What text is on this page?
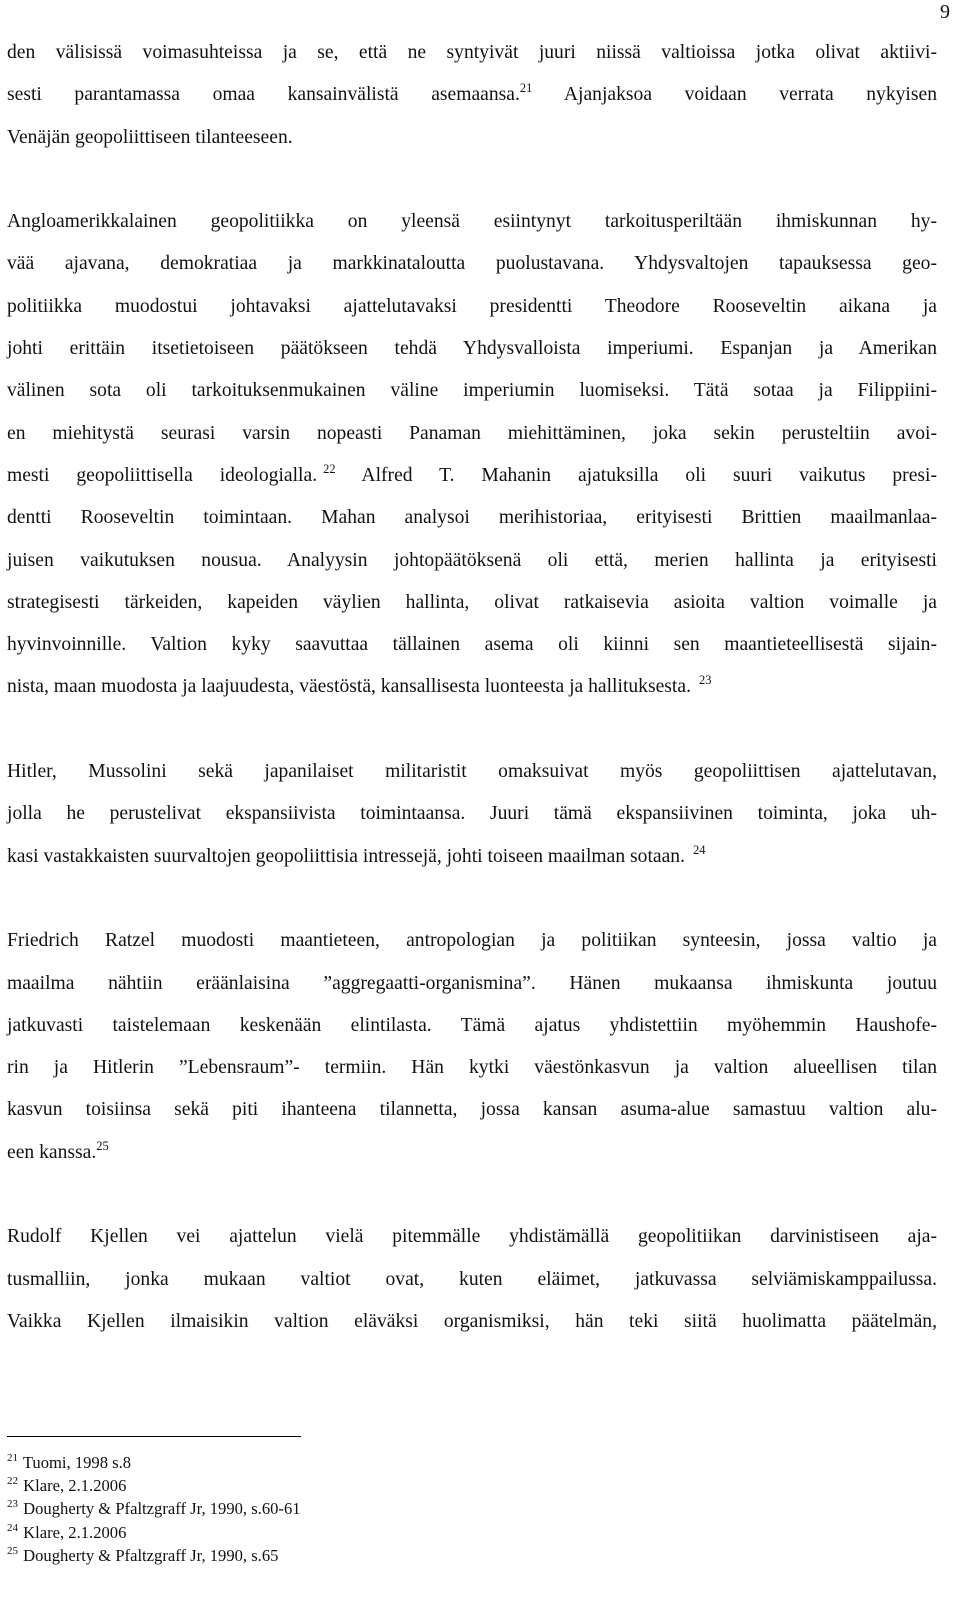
9

den välisissä voimasuhteissa ja se, että ne syntyivät juuri niissä valtioissa jotka olivat aktiivi-
sesti parantamassa omaa kansainvälistä asemaansa.$^{21}$ Ajanjaksoa voidaan verrata nykyisen
Venäjän geopoliittiseen tilanteeseen.

Angloamerikkalainen geopolitiikka on yleensä esiintynyt tarkoitusperiltään ihmiskunnan hy-
vää ajavana, demokratiaa ja markkinataloutta puolustavana. Yhdysvaltojen tapauksessa geo-
politiikka muodostui johtavaksi ajattelutavaksi presidentti Theodore Rooseveltin aikana ja
johti erittäin itsetietoiseen päätökseen tehdä Yhdysvalloista imperiumi. Espanjan ja Amerikan
välinen sota oli tarkoituksenmukainen väline imperiumin luomiseksi. Tätä sotaa ja Filippiini-
en miehitystä seurasi varsin nopeasti Panaman miehittäminen, joka sekin perusteltiin avoi-
mesti geopoliittisella ideologialla. $^{22}$ Alfred T. Mahanin ajatuksilla oli suuri vaikutus presi-
dentti Rooseveltin toimintaan. Mahan analysoi merihistoriaa, erityisesti Brittien maailmanlaa-
juisen vaikutuksen nousua. Analyysin johtopäätöksenä oli että, merien hallinta ja erityisesti
strategisesti tärkeiden, kapeiden väylien hallinta, olivat ratkaisevia asioita valtion voimalle ja
hyvinvoinnille. Valtion kyky saavuttaa tällainen asema oli kiinni sen maantieteellisestä sijain-
nista, maan muodosta ja laajuudesta, väestöstä, kansallisesta luonteesta ja hallituksesta. $^{23}$

Hitler, Mussolini sekä japanilaiset militaristit omaksuivat myös geopoliittisen ajattelutavan,
jolla he perustelivat ekspansiivista toimintaansa. Juuri tämä ekspansiivinen toiminta, joka uh-
kasi vastakkaisten suurvaltojen geopoliittisia intressejä, johti toiseen maailman sotaan. $^{24}$

Friedrich Ratzel muodosti maantieteen, antropologian ja politiikan synteesin, jossa valtio ja
maailma nähtiin eräänlaisina ”aggregaatti-organismina”. Hänen mukaansa ihmiskunta joutuu
jatkuvasti taistelemaan keskenään elintilasta. Tämä ajatus yhdistettiin myöhemmin Haushofe-
rin ja Hitlerin ”Lebensraum”- termiin. Hän kytki väestönkasvun ja valtion alueellisen tilan
kasvun toisiinsa sekä piti ihanteena tilannetta, jossa kansan asuma-alue samastuu valtion alu-
een kanssa.$^{25}$

Rudolf Kjellen vei ajattelun vielä pitemmälle yhdistämällä geopolitiikan darvinistiseen aja-
tusmalliin, jonka mukaan valtiot ovat, kuten eläimet, jatkuvassa selviämiskamppailussa.
Vaikka Kjellen ilmaisikin valtion eläväksi organismiksi, hän teki siitä huolimatta päätelmän,

$^{21}$ Tuomi, 1998 s.8
$^{22}$ Klare, 2.1.2006
$^{23}$ Dougherty & Pfaltzgraff Jr, 1990, s.60-61
$^{24}$ Klare, 2.1.2006
$^{25}$ Dougherty & Pfaltzgraff Jr, 1990, s.65
